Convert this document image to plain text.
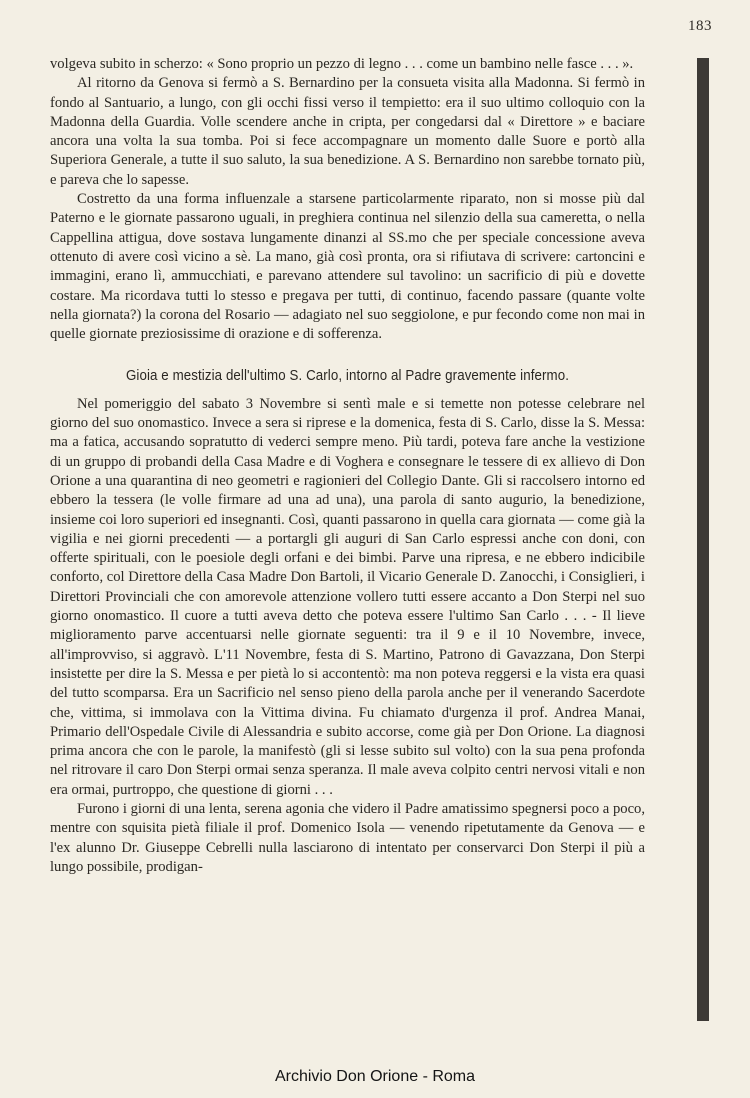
183

volgeva subito in scherzo: « Sono proprio un pezzo di legno . . . come un bambino nelle fasce . . . ».

Al ritorno da Genova si fermò a S. Bernardino per la consueta visita alla Madonna. Si fermò in fondo al Santuario, a lungo, con gli occhi fissi verso il tempietto: era il suo ultimo colloquio con la Madonna della Guardia. Volle scendere anche in cripta, per congedarsi dal « Direttore » e baciare ancora una volta la sua tomba. Poi si fece accompagnare un momento dalle Suore e portò alla Superiora Generale, a tutte il suo saluto, la sua benedizione. A S. Bernardino non sarebbe tornato più, e pareva che lo sapesse.

Costretto da una forma influenzale a starsene particolarmente riparato, non si mosse più dal Paterno e le giornate passarono uguali, in preghiera continua nel silenzio della sua cameretta, o nella Cappellina attigua, dove sostava lungamente dinanzi al SS.mo che per speciale concessione aveva ottenuto di avere così vicino a sè. La mano, già così pronta, ora si rifiutava di scrivere: cartoncini e immagini, erano lì, ammucchiati, e parevano attendere sul tavolino: un sacrificio di più e dovette costare. Ma ricordava tutti lo stesso e pregava per tutti, di continuo, facendo passare (quante volte nella giornata?) la corona del Rosario — adagiato nel suo seggiolone, e pur fecondo come non mai in quelle giornate preziosissime di orazione e di sofferenza.

Gioia e mestizia dell'ultimo S. Carlo, intorno al Padre gravemente infermo.

Nel pomeriggio del sabato 3 Novembre si sentì male e si temette non potesse celebrare nel giorno del suo onomastico. Invece a sera si riprese e la domenica, festa di S. Carlo, disse la S. Messa: ma a fatica, accusando sopratutto di vederci sempre meno. Più tardi, poteva fare anche la vestizione di un gruppo di probandi della Casa Madre e di Voghera e consegnare le tessere di ex allievo di Don Orione a una quarantina di neo geometri e ragionieri del Collegio Dante. Gli si raccolsero intorno ed ebbero la tessera (le volle firmare ad una ad una), una parola di santo augurio, la benedizione, insieme coi loro superiori ed insegnanti. Così, quanti passarono in quella cara giornata — come già la vigilia e nei giorni precedenti — a portargli gli auguri di San Carlo espressi anche con doni, con offerte spirituali, con le poesiole degli orfani e dei bimbi. Parve una ripresa, e ne ebbero indicibile conforto, col Direttore della Casa Madre Don Bartoli, il Vicario Generale D. Zanocchi, i Consiglieri, i Direttori Provinciali che con amorevole attenzione vollero tutti essere accanto a Don Sterpi nel suo giorno onomastico. Il cuore a tutti aveva detto che poteva essere l'ultimo San Carlo . . . - Il lieve miglioramento parve accentuarsi nelle giornate seguenti: tra il 9 e il 10 Novembre, invece, all'improvviso, si aggravò. L'11 Novembre, festa di S. Martino, Patrono di Gavazzana, Don Sterpi insistette per dire la S. Messa e per pietà lo si accontentò: ma non poteva reggersi e la vista era quasi del tutto scomparsa. Era un Sacrificio nel senso pieno della parola anche per il venerando Sacerdote che, vittima, si immolava con la Vittima divina. Fu chiamato d'urgenza il prof. Andrea Manai, Primario dell'Ospedale Civile di Alessandria e subito accorse, come già per Don Orione. La diagnosi prima ancora che con le parole, la manifestò (gli si lesse subito sul volto) con la sua pena profonda nel ritrovare il caro Don Sterpi ormai senza speranza. Il male aveva colpito centri nervosi vitali e non era ormai, purtroppo, che questione di giorni . . .

Furono i giorni di una lenta, serena agonia che videro il Padre amatissimo spegnersi poco a poco, mentre con squisita pietà filiale il prof. Domenico Isola — venendo ripetutamente da Genova — e l'ex alunno Dr. Giuseppe Cebrelli nulla lasciarono di intentato per conservarci Don Sterpi il più a lungo possibile, prodigan-

Archivio Don Orione - Roma
